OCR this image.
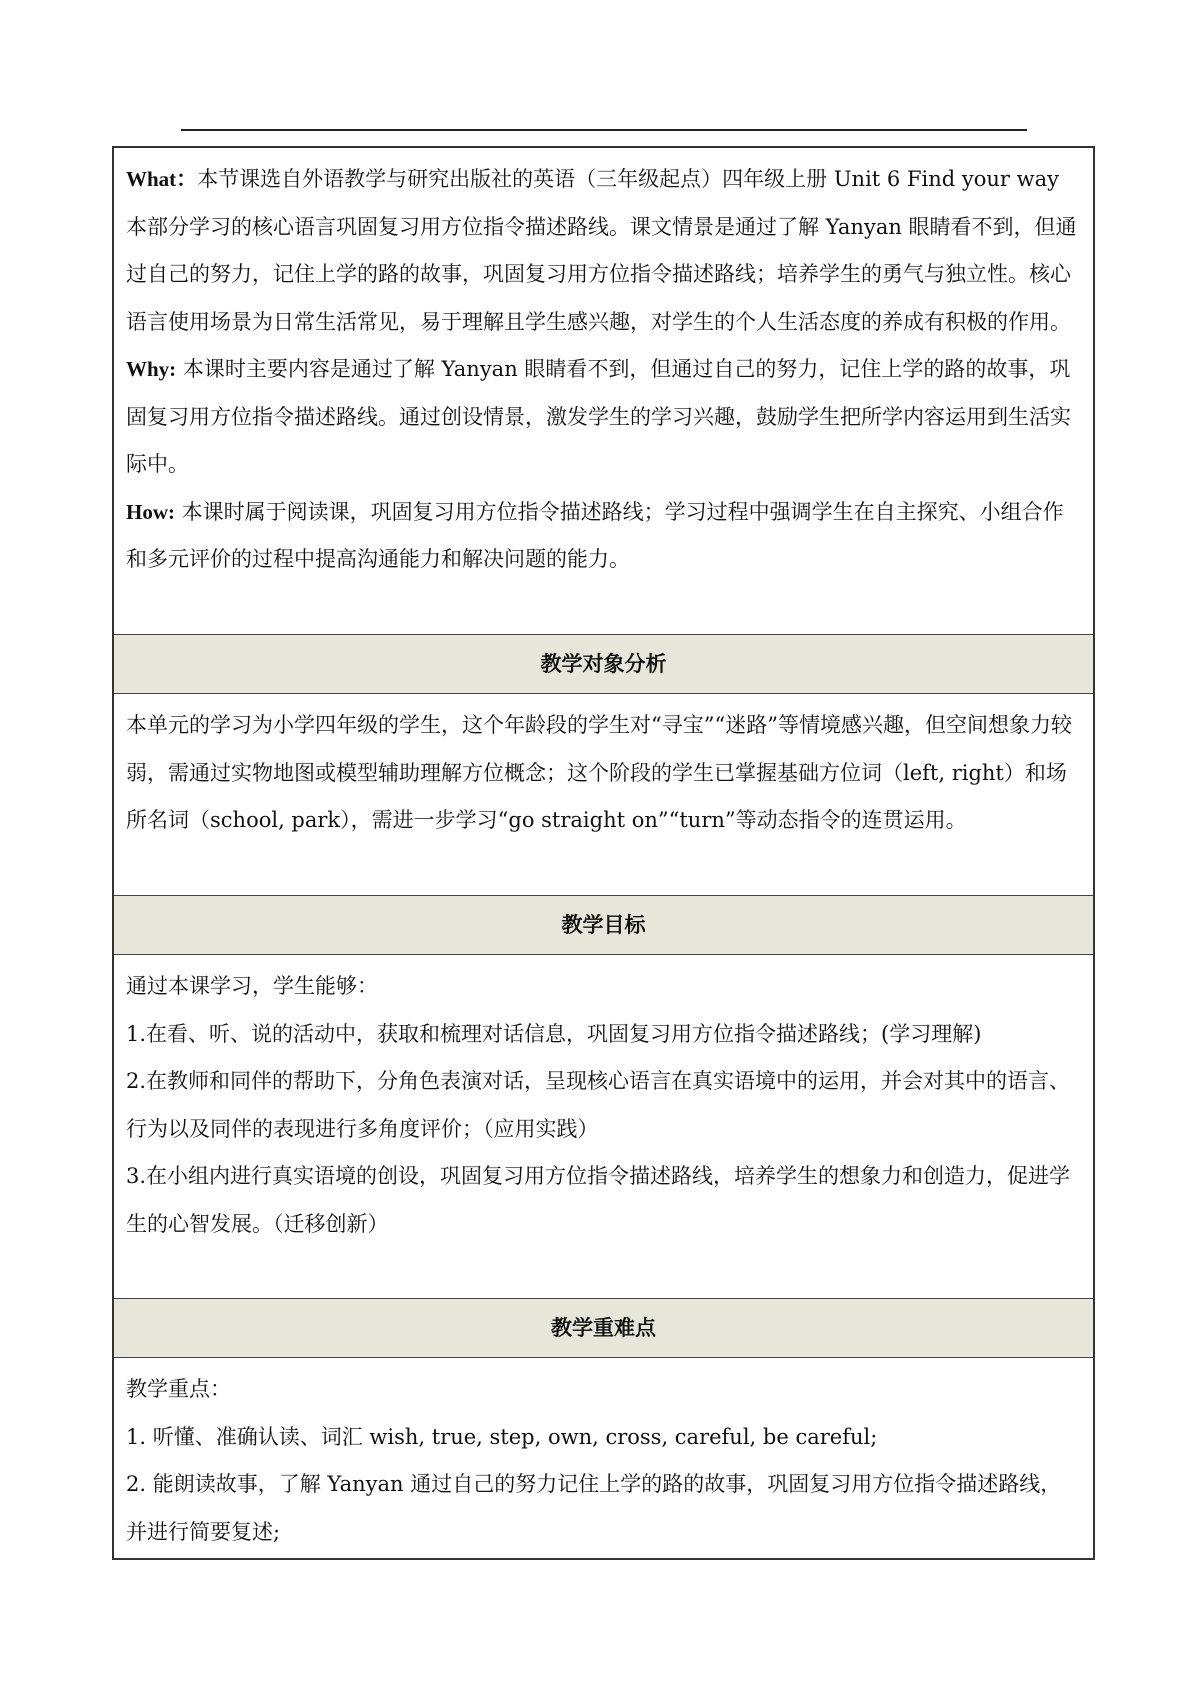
What：本节课选自外语教学与研究出版社的英语（三年级起点）四年级上册 Unit 6 Find your way 本部分学习的核心语言巩固复习用方位指令描述路线。课文情景是通过了解 Yanyan 眼睛看不到，但通过自己的努力，记住上学的路的故事，巩固复习用方位指令描述路线；培养学生的勇气与独立性。核心语言使用场景为日常生活常见，易于理解且学生感兴趣，对学生的个人生活态度的养成有积极的作用。

Why: 本课时主要内容是通过了解 Yanyan 眼睛看不到，但通过自己的努力，记住上学的路的故事，巩固复习用方位指令描述路线。通过创设情景，激发学生的学习兴趣，鼓励学生把所学内容运用到生活实际中。

How: 本课时属于阅读课，巩固复习用方位指令描述路线；学习过程中强调学生在自主探究、小组合作和多元评价的过程中提高沟通能力和解决问题的能力。

教学对象分析

本单元的学习为小学四年级的学生，这个年龄段的学生对“寻宝”“迷路”等情境感兴趣，但空间想象力较弱，需通过实物地图或模型辅助理解方位概念；这个阶段的学生已掌握基础方位词（left, right）和场所名词（school, park），需进一步学习“go straight on”“turn”等动态指令的连贯运用。

教学目标

通过本课学习，学生能够：

1.在看、听、说的活动中，获取和梳理对话信息，巩固复习用方位指令描述路线；(学习理解)

2.在教师和同伴的帮助下，分角色表演对话，呈现核心语言在真实语境中的运用，并会对其中的语言、行为以及同伴的表现进行多角度评价；（应用实践）

3.在小组内进行真实语境的创设，巩固复习用方位指令描述路线，培养学生的想象力和创造力，促进学生的心智发展。（迁移创新）

教学重难点

教学重点：

1. 听懂、准确认读、词汇 wish, true, step, own, cross, careful, be careful;

2. 能朗读故事，了解 Yanyan 通过自己的努力记住上学的路的故事，巩固复习用方位指令描述路线，并进行简要复述;
